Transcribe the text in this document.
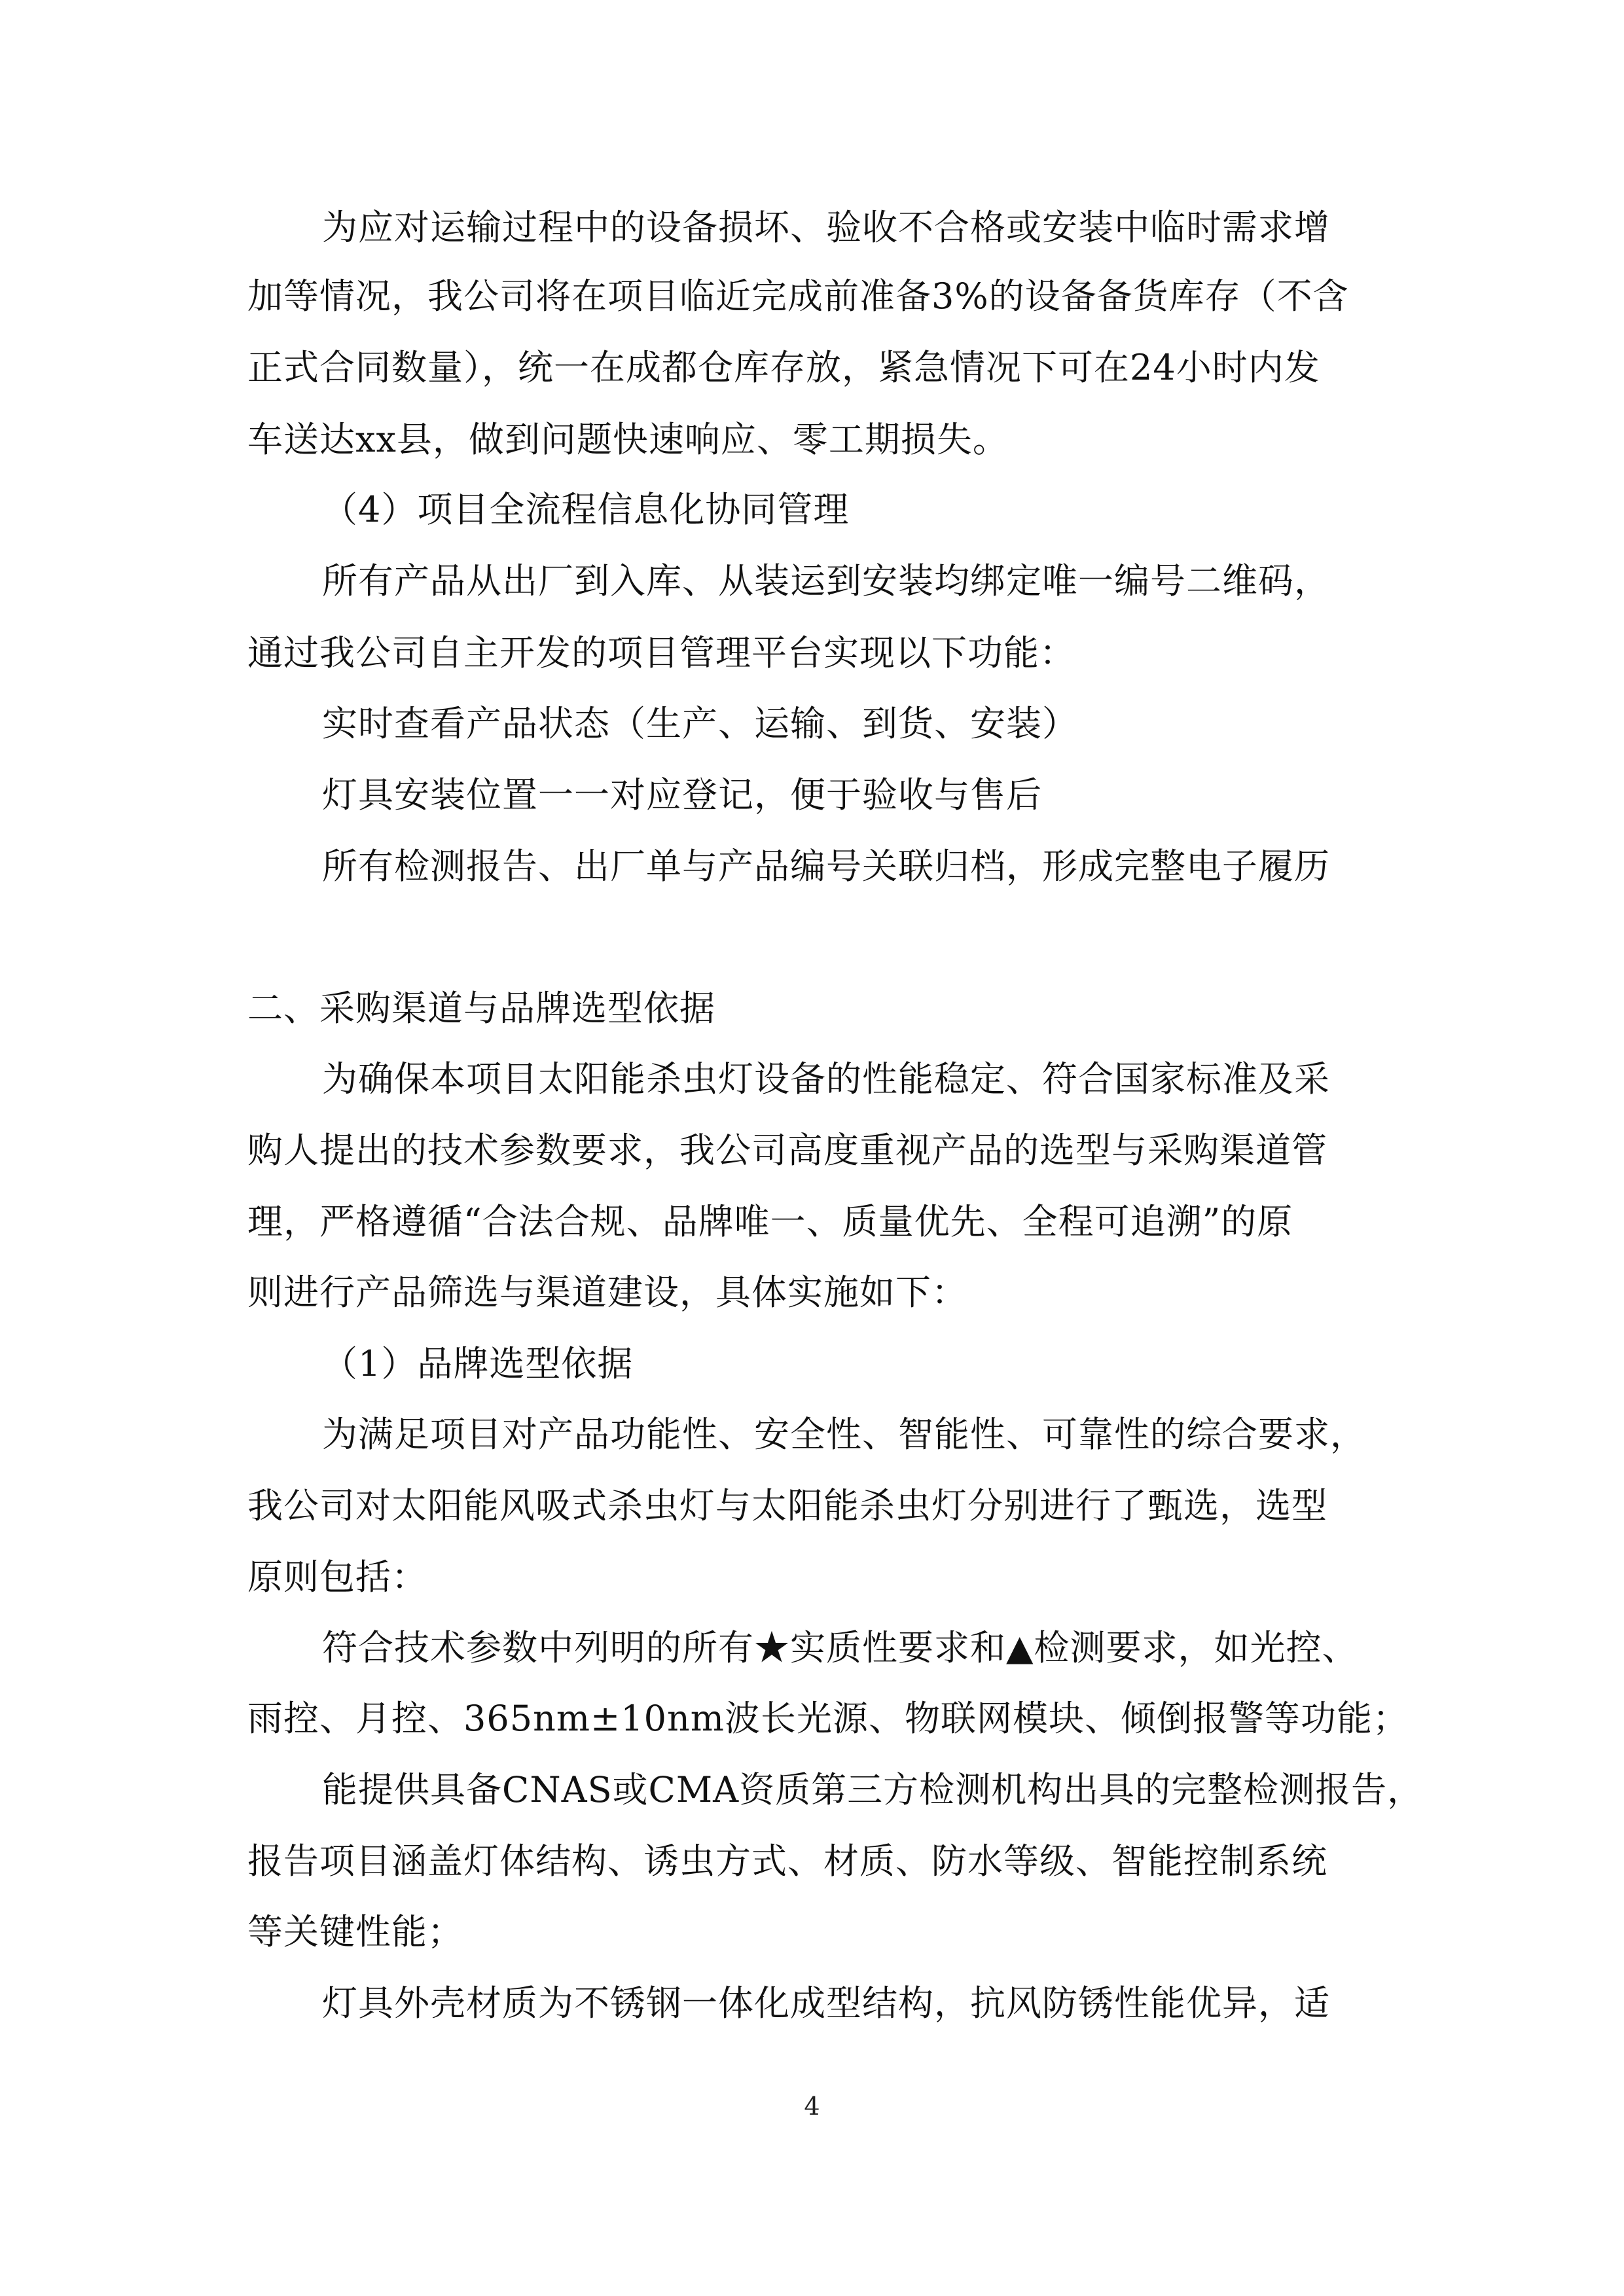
为应对运输过程中的设备损坏、验收不合格或安装中临时需求增
加等情况，我公司将在项目临近完成前准备3%的设备备货库存（不含
正式合同数量），统一在成都仓库存放，紧急情况下可在24小时内发
车送达xx县，做到问题快速响应、零工期损失。
（4）项目全流程信息化协同管理
所有产品从出厂到入库、从装运到安装均绑定唯一编号二维码，
通过我公司自主开发的项目管理平台实现以下功能：
实时查看产品状态（生产、运输、到货、安装）
灯具安装位置一一对应登记，便于验收与售后
所有检测报告、出厂单与产品编号关联归档，形成完整电子履历
二、采购渠道与品牌选型依据
为确保本项目太阳能杀虫灯设备的性能稳定、符合国家标准及采
购人提出的技术参数要求，我公司高度重视产品的选型与采购渠道管
理，严格遵循“合法合规、品牌唯一、质量优先、全程可追溯”的原
则进行产品筛选与渠道建设，具体实施如下：
（1）品牌选型依据
为满足项目对产品功能性、安全性、智能性、可靠性的综合要求，
我公司对太阳能风吸式杀虫灯与太阳能杀虫灯分别进行了甄选，选型
原则包括：
符合技术参数中列明的所有★实质性要求和▲检测要求，如光控、
雨控、月控、365nm±10nm波长光源、物联网模块、倾倒报警等功能；
能提供具备CNAS或CMA资质第三方检测机构出具的完整检测报告，
报告项目涵盖灯体结构、诱虫方式、材质、防水等级、智能控制系统
等关键性能；
灯具外壳材质为不锈钢一体化成型结构，抗风防锈性能优异，适
4
